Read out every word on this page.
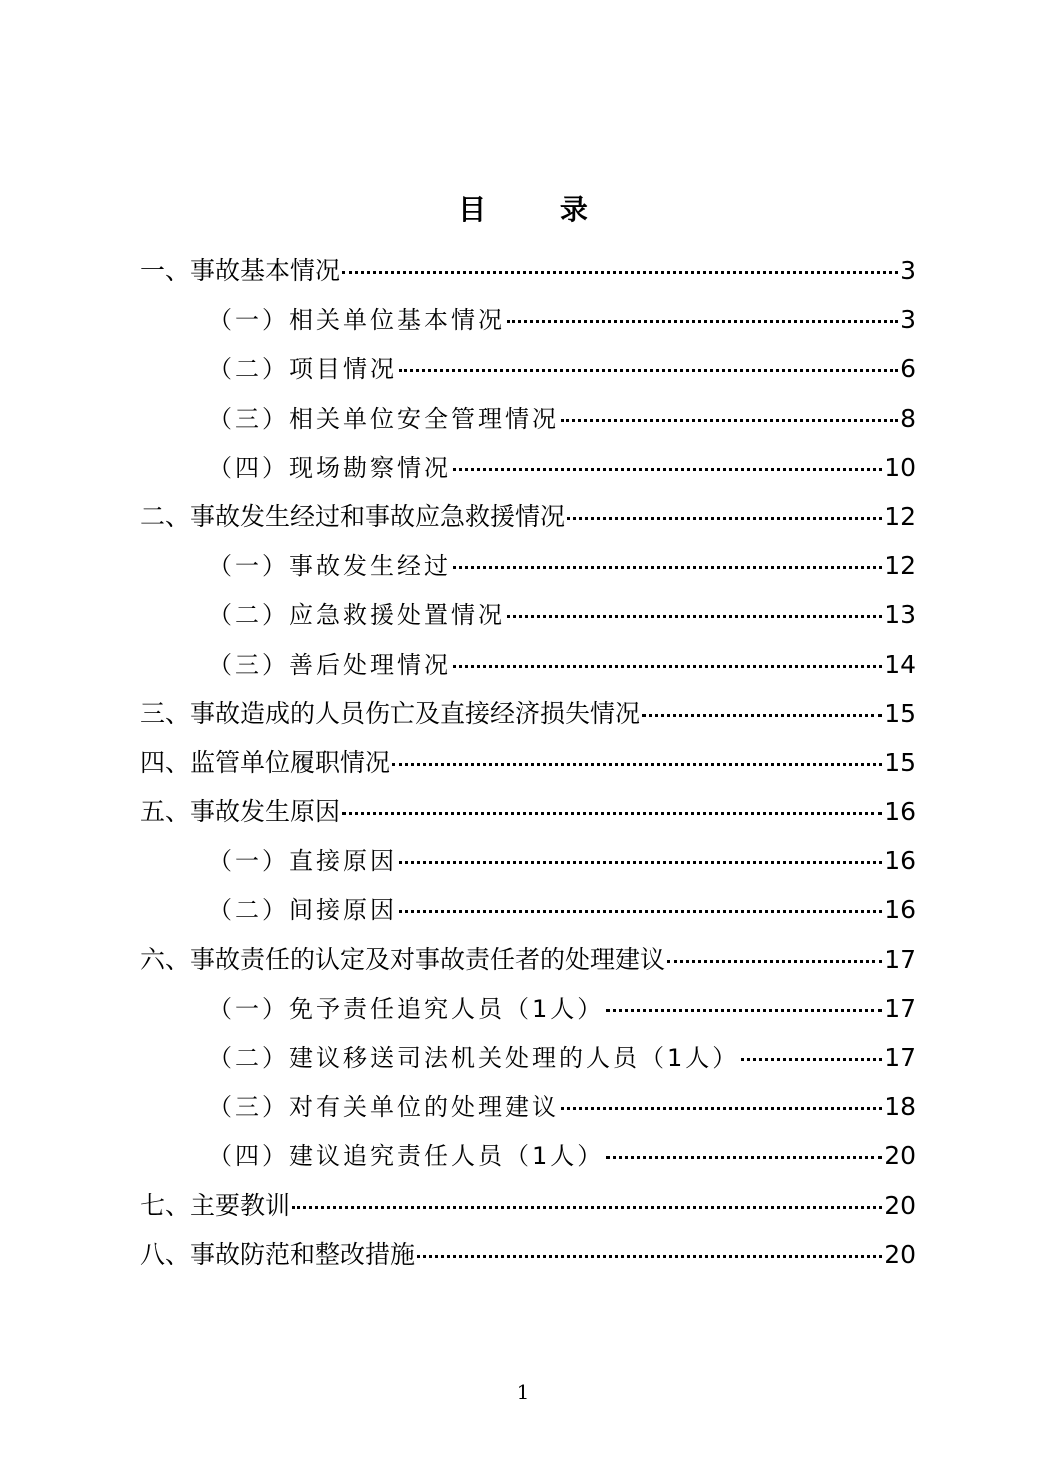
目 录
一、事故基本情况	3
（一）相关单位基本情况	3
（二）项目情况	6
（三）相关单位安全管理情况	8
（四）现场勘察情况	10
二、事故发生经过和事故应急救援情况	12
（一）事故发生经过	12
（二）应急救援处置情况	13
（三）善后处理情况	14
三、事故造成的人员伤亡及直接经济损失情况	15
四、监管单位履职情况	15
五、事故发生原因	16
（一）直接原因	16
（二）间接原因	16
六、事故责任的认定及对事故责任者的处理建议	17
（一）免予责任追究人员（1人）	17
（二）建议移送司法机关处理的人员（1人）	17
（三）对有关单位的处理建议	18
（四）建议追究责任人员（1人）	20
七、主要教训	20
八、事故防范和整改措施	20
1
